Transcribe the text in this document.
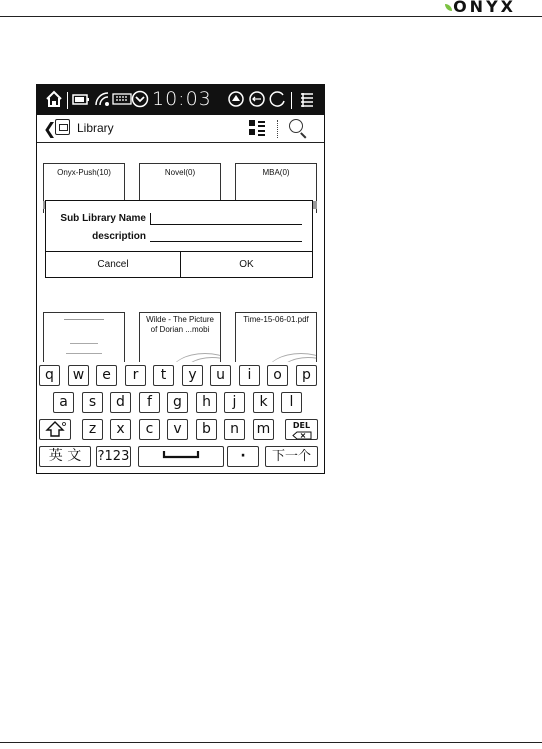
ONYX
10:03
❮ Library
Onyx-Push(10)	Novel(0)	MBA(0)
Sub Library Name
description
Cancel	OK
Wilde - The Picture of Dorian ...mobi
Time-15-06-01.pdf
q	w	e	r	t	y	u	i	o	p
a	s	d	f	g	h	j	k	l
z	x	c	v	b	n	m	DEL
英 文	?123	·	下一个
